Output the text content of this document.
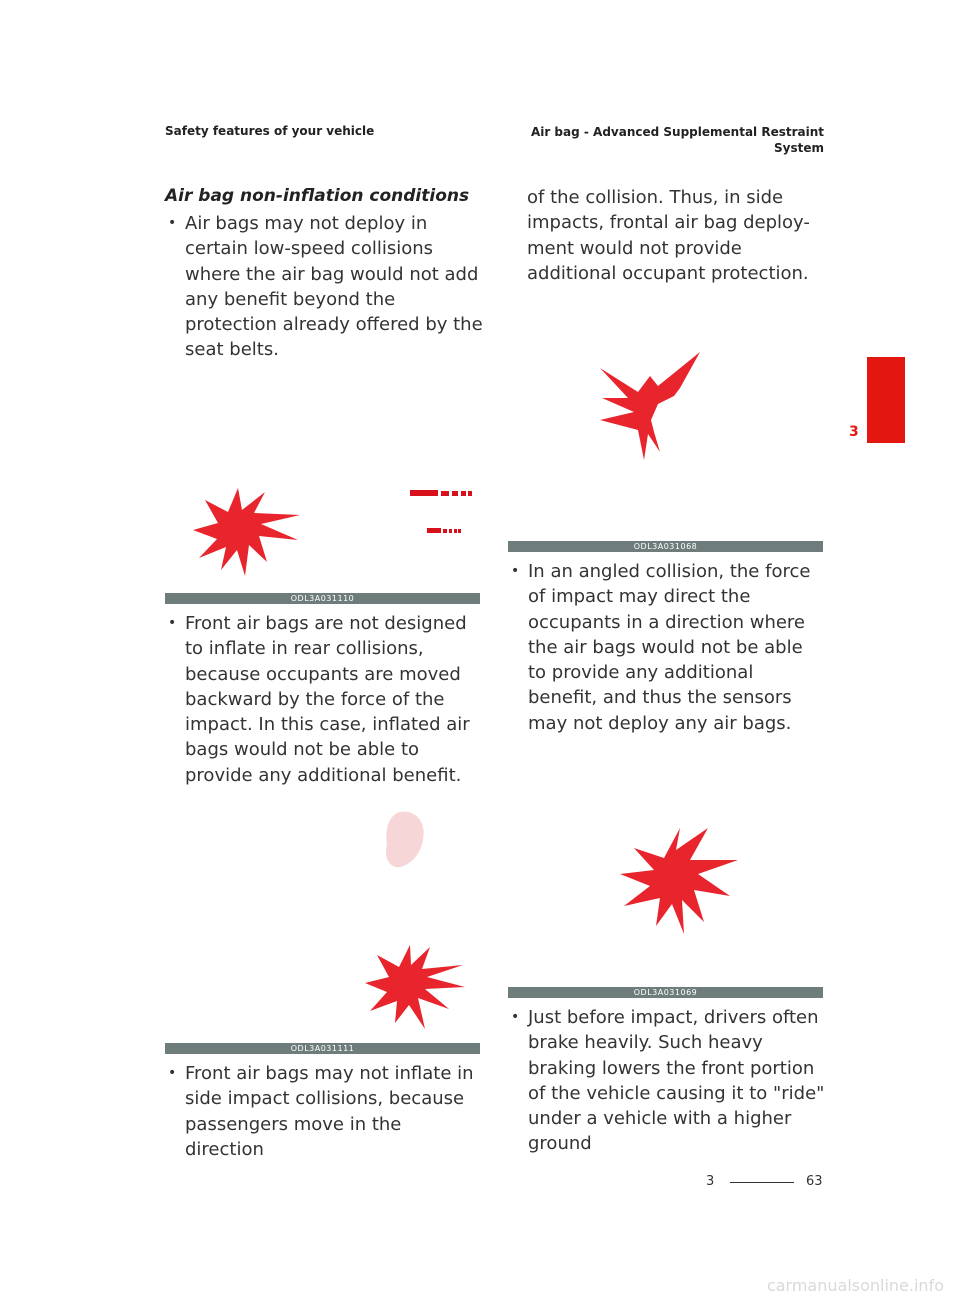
Safety features of your vehicle	Air bag - Advanced Supplemental Restraint
System
3
Air bag non-inflation conditions

• Air bags may not deploy in certain low-speed collisions where the air bag would not add any benefit beyond the protection already offered by the seat belts.

ODL3A031110

• Front air bags are not designed to inflate in rear collisions, because occupants are moved backward by the force of the impact. In this case, inflated air bags would not be able to provide any additional benefit.

ODL3A031111

• Front air bags may not inflate in side impact collisions, because passengers move in the direction

of the collision. Thus, in side impacts, frontal air bag deploy-ment would not provide additional occupant protection.

ODL3A031068

• In an angled collision, the force of impact may direct the occupants in a direction where the air bags would not be able to provide any additional benefit, and thus the sensors may not deploy any air bags.

ODL3A031069

• Just before impact, drivers often brake heavily. Such heavy braking lowers the front portion of the vehicle causing it to "ride" under a vehicle with a higher ground

3	63
carmanualsonline.info
